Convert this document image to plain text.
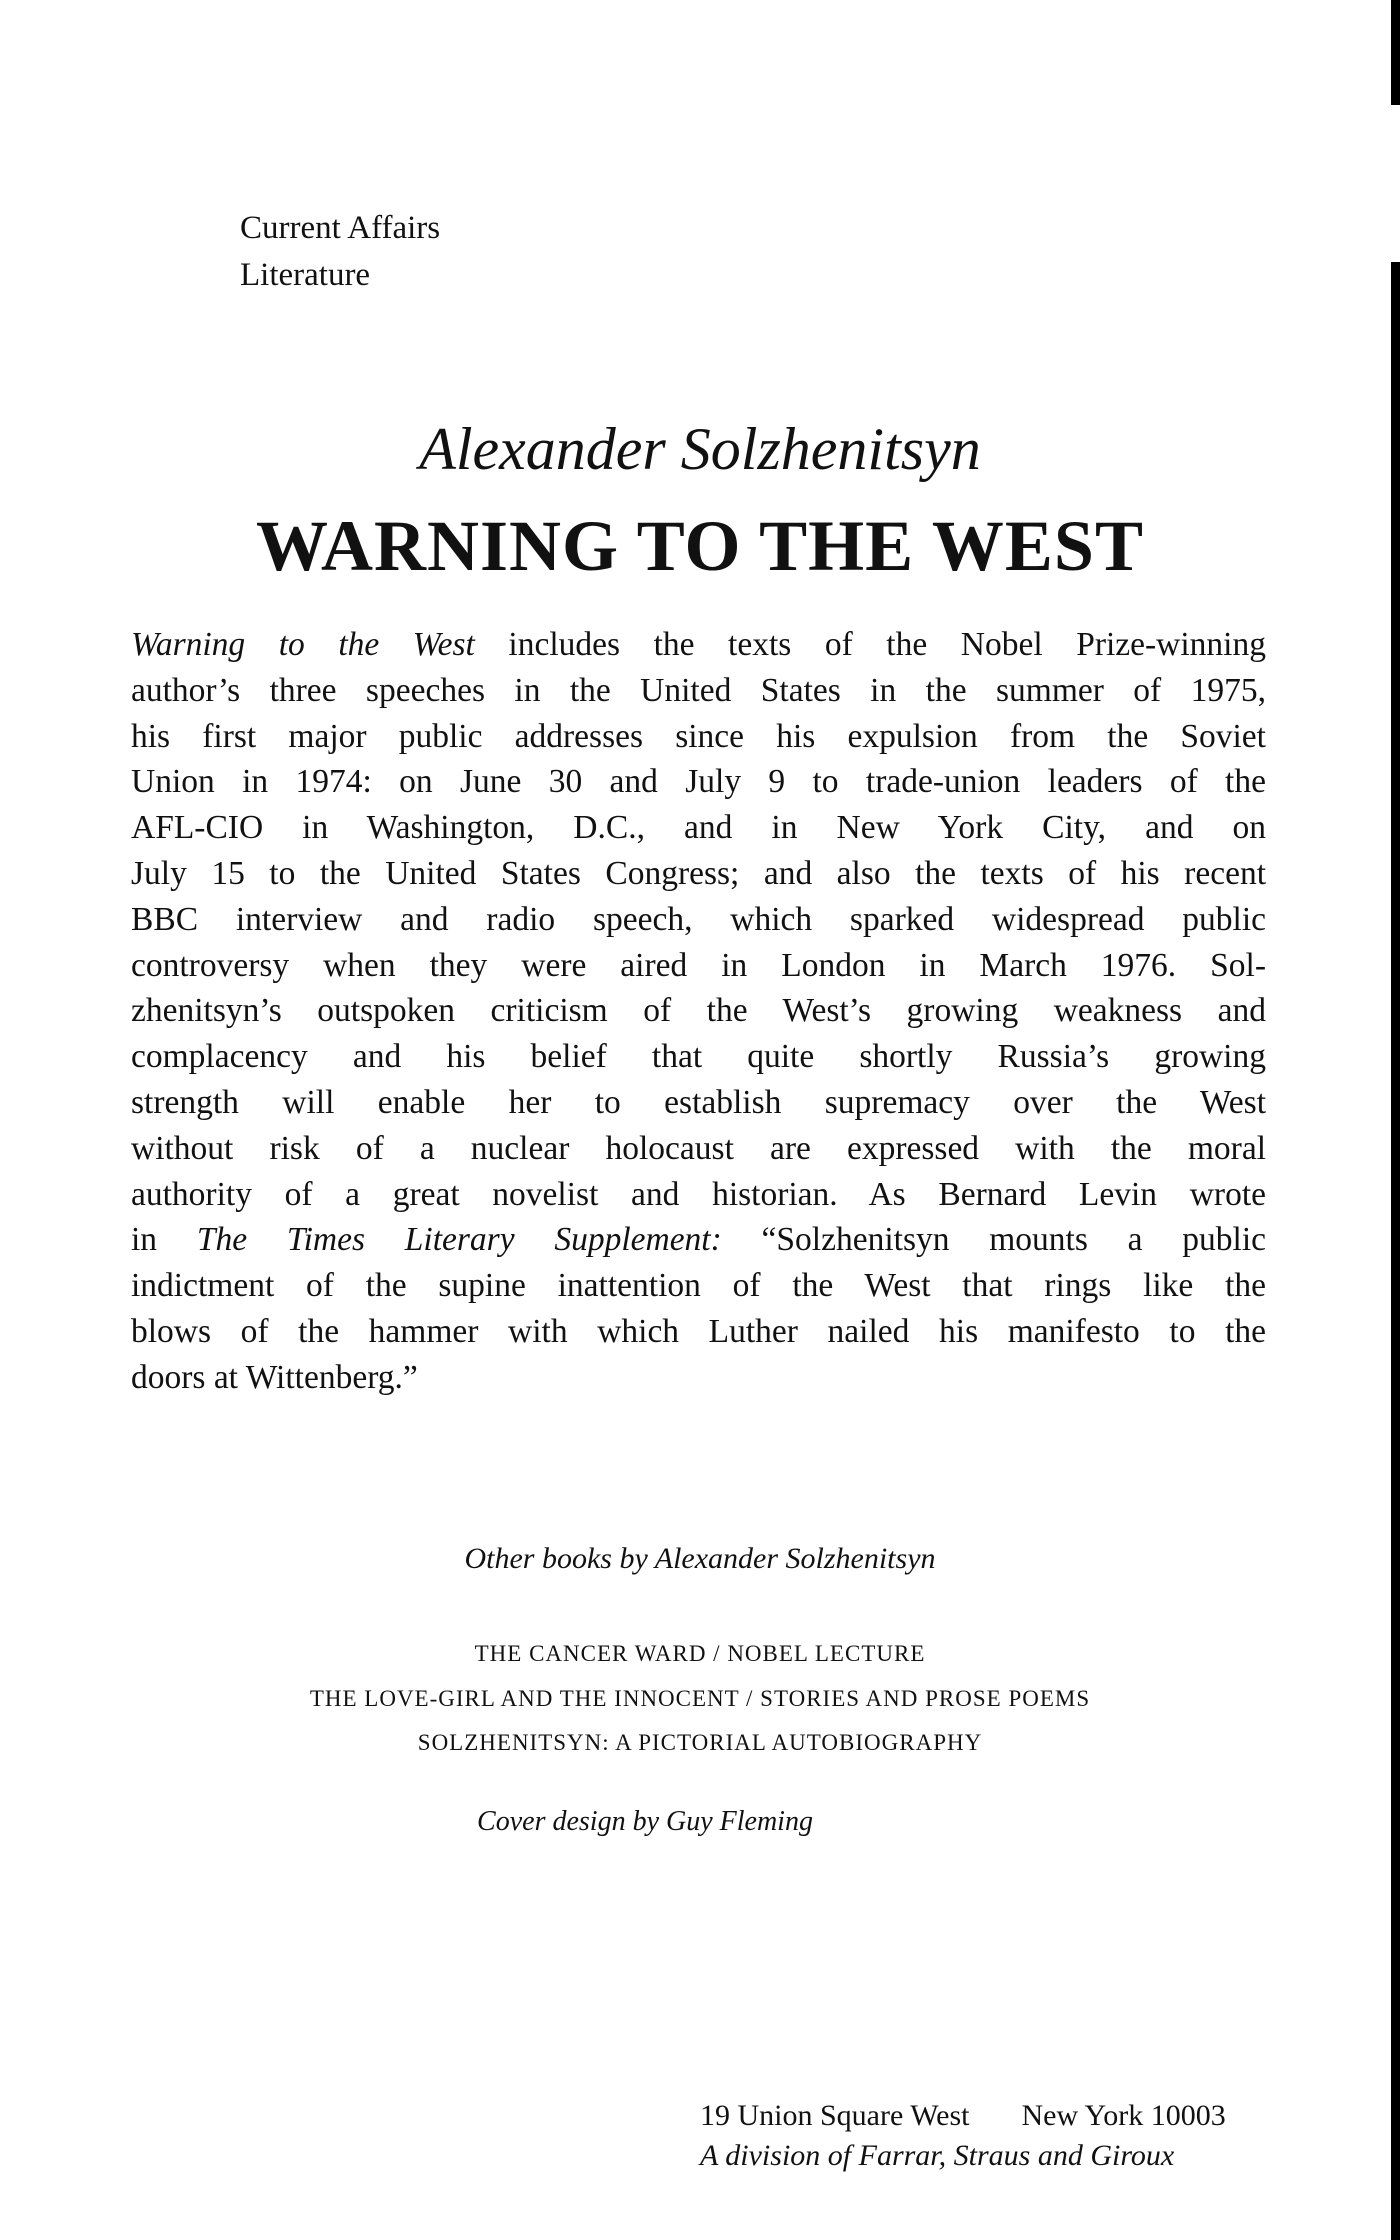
Current Affairs
Literature
Alexander Solzhenitsyn
WARNING TO THE WEST
Warning to the West includes the texts of the Nobel Prize-winning
author’s three speeches in the United States in the summer of 1975,
his first major public addresses since his expulsion from the Soviet
Union in 1974: on June 30 and July 9 to trade-union leaders of the
AFL-CIO in Washington, D.C., and in New York City, and on
July 15 to the United States Congress; and also the texts of his recent
BBC interview and radio speech, which sparked widespread public
controversy when they were aired in London in March 1976. Sol-
zhenitsyn’s outspoken criticism of the West’s growing weakness and
complacency and his belief that quite shortly Russia’s growing
strength will enable her to establish supremacy over the West
without risk of a nuclear holocaust are expressed with the moral
authority of a great novelist and historian. As Bernard Levin wrote
in The Times Literary Supplement: “Solzhenitsyn mounts a public
indictment of the supine inattention of the West that rings like the
blows of the hammer with which Luther nailed his manifesto to the
doors at Wittenberg.”
Other books by Alexander Solzhenitsyn
THE CANCER WARD / NOBEL LECTURE
THE LOVE-GIRL AND THE INNOCENT / STORIES AND PROSE POEMS
SOLZHENITSYN: A PICTORIAL AUTOBIOGRAPHY
Cover design by Guy Fleming
19 Union Square West New York 10003
A division of Farrar, Straus and Giroux
